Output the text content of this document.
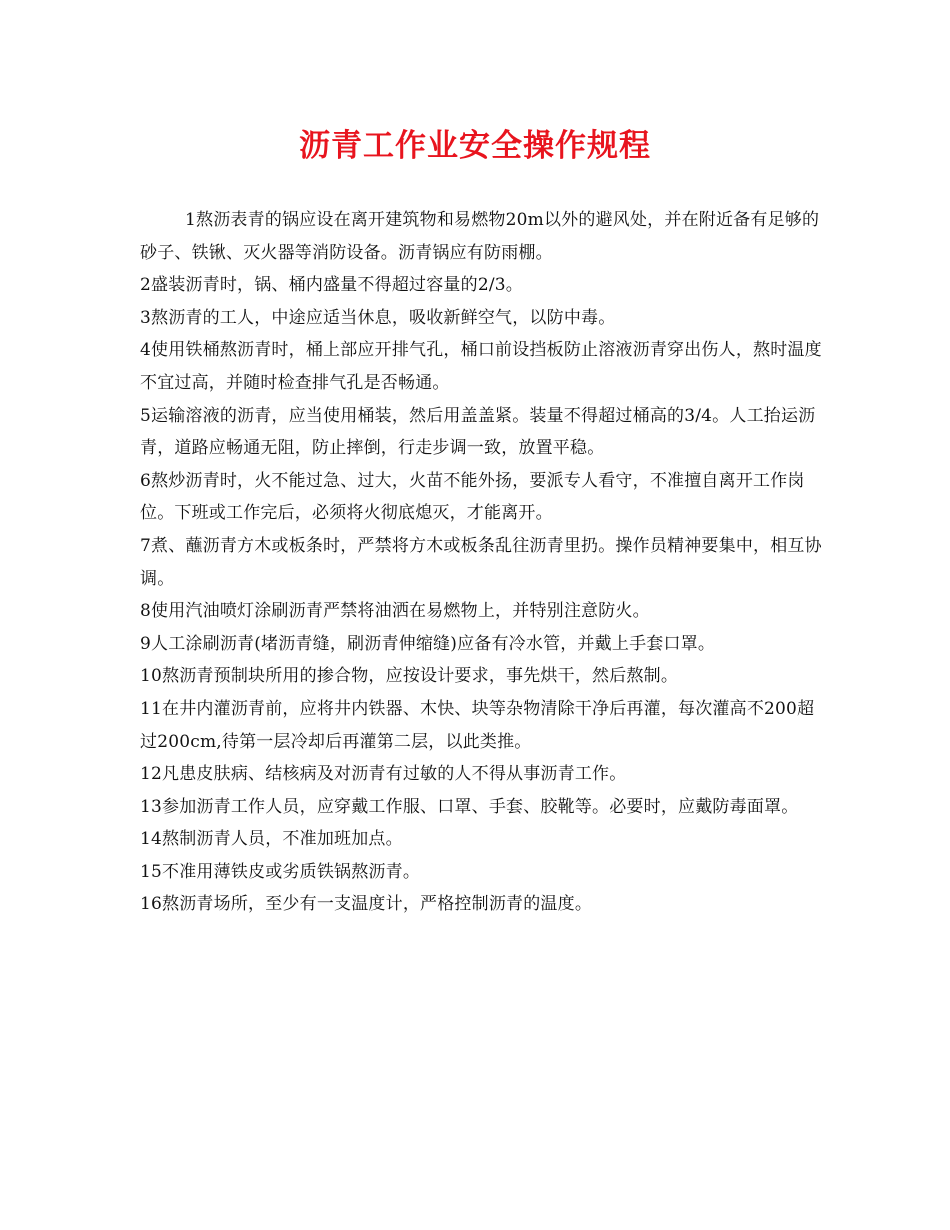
沥青工作业安全操作规程

1熬沥表青的锅应设在离开建筑物和易燃物20m以外的避风处，并在附近备有足够的砂子、铁锹、灭火器等消防设备。沥青锅应有防雨棚。

2盛装沥青时，锅、桶内盛量不得超过容量的2/3。

3熬沥青的工人，中途应适当休息，吸收新鲜空气，以防中毒。

4使用铁桶熬沥青时，桶上部应开排气孔，桶口前设挡板防止溶液沥青穿出伤人，熬时温度不宜过高，并随时检查排气孔是否畅通。

5运输溶液的沥青，应当使用桶装，然后用盖盖紧。装量不得超过桶高的3/4。人工抬运沥青，道路应畅通无阻，防止摔倒，行走步调一致，放置平稳。

6熬炒沥青时，火不能过急、过大，火苗不能外扬，要派专人看守，不准擅自离开工作岗位。下班或工作完后，必须将火彻底熄灭，才能离开。

7煮、蘸沥青方木或板条时，严禁将方木或板条乱往沥青里扔。操作员精神要集中，相互协调。

8使用汽油喷灯涂刷沥青严禁将油洒在易燃物上，并特别注意防火。

9人工涂刷沥青(堵沥青缝，刷沥青伸缩缝)应备有冷水管，并戴上手套口罩。

10熬沥青预制块所用的掺合物，应按设计要求，事先烘干，然后熬制。

11在井内灌沥青前，应将井内铁器、木快、块等杂物清除干净后再灌，每次灌高不200超过200cm,待第一层冷却后再灌第二层，以此类推。

12凡患皮肤病、结核病及对沥青有过敏的人不得从事沥青工作。

13参加沥青工作人员，应穿戴工作服、口罩、手套、胶靴等。必要时，应戴防毒面罩。

14熬制沥青人员，不准加班加点。

15不准用薄铁皮或劣质铁锅熬沥青。

16熬沥青场所，至少有一支温度计，严格控制沥青的温度。
